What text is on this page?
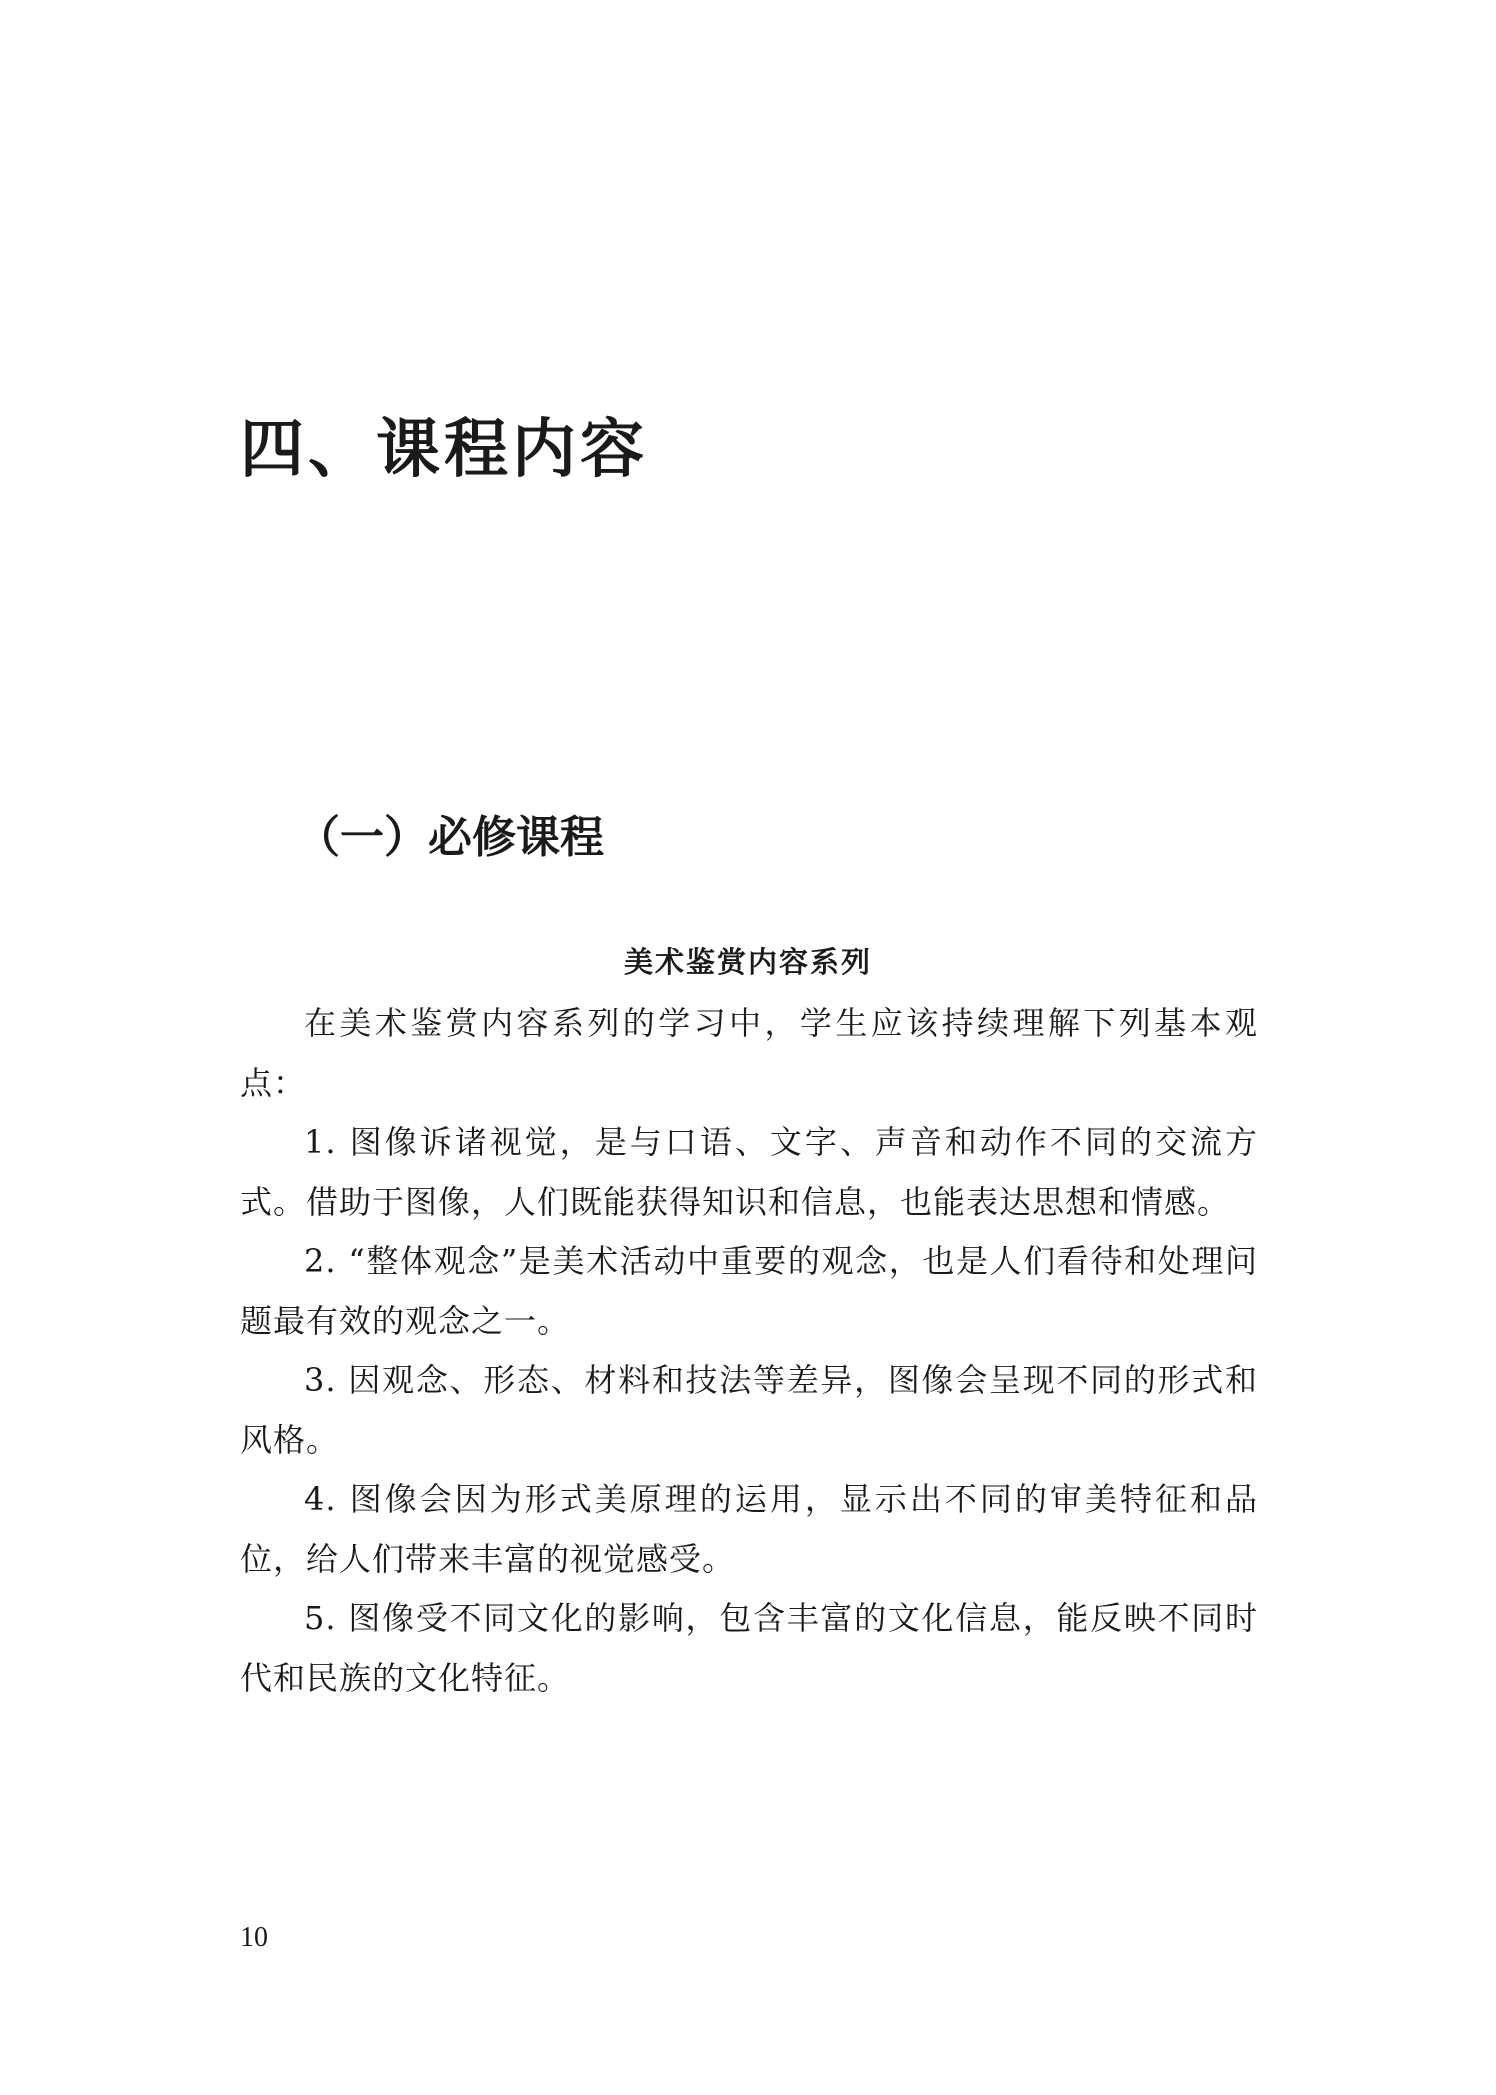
四、课程内容
（一）必修课程
美术鉴赏内容系列

在美术鉴赏内容系列的学习中，学生应该持续理解下列基本观点：

1. 图像诉诸视觉，是与口语、文字、声音和动作不同的交流方式。借助于图像，人们既能获得知识和信息，也能表达思想和情感。

2. “整体观念”是美术活动中重要的观念，也是人们看待和处理问题最有效的观念之一。

3. 因观念、形态、材料和技法等差异，图像会呈现不同的形式和风格。

4. 图像会因为形式美原理的运用，显示出不同的审美特征和品位，给人们带来丰富的视觉感受。

5. 图像受不同文化的影响，包含丰富的文化信息，能反映不同时代和民族的文化特征。

10
